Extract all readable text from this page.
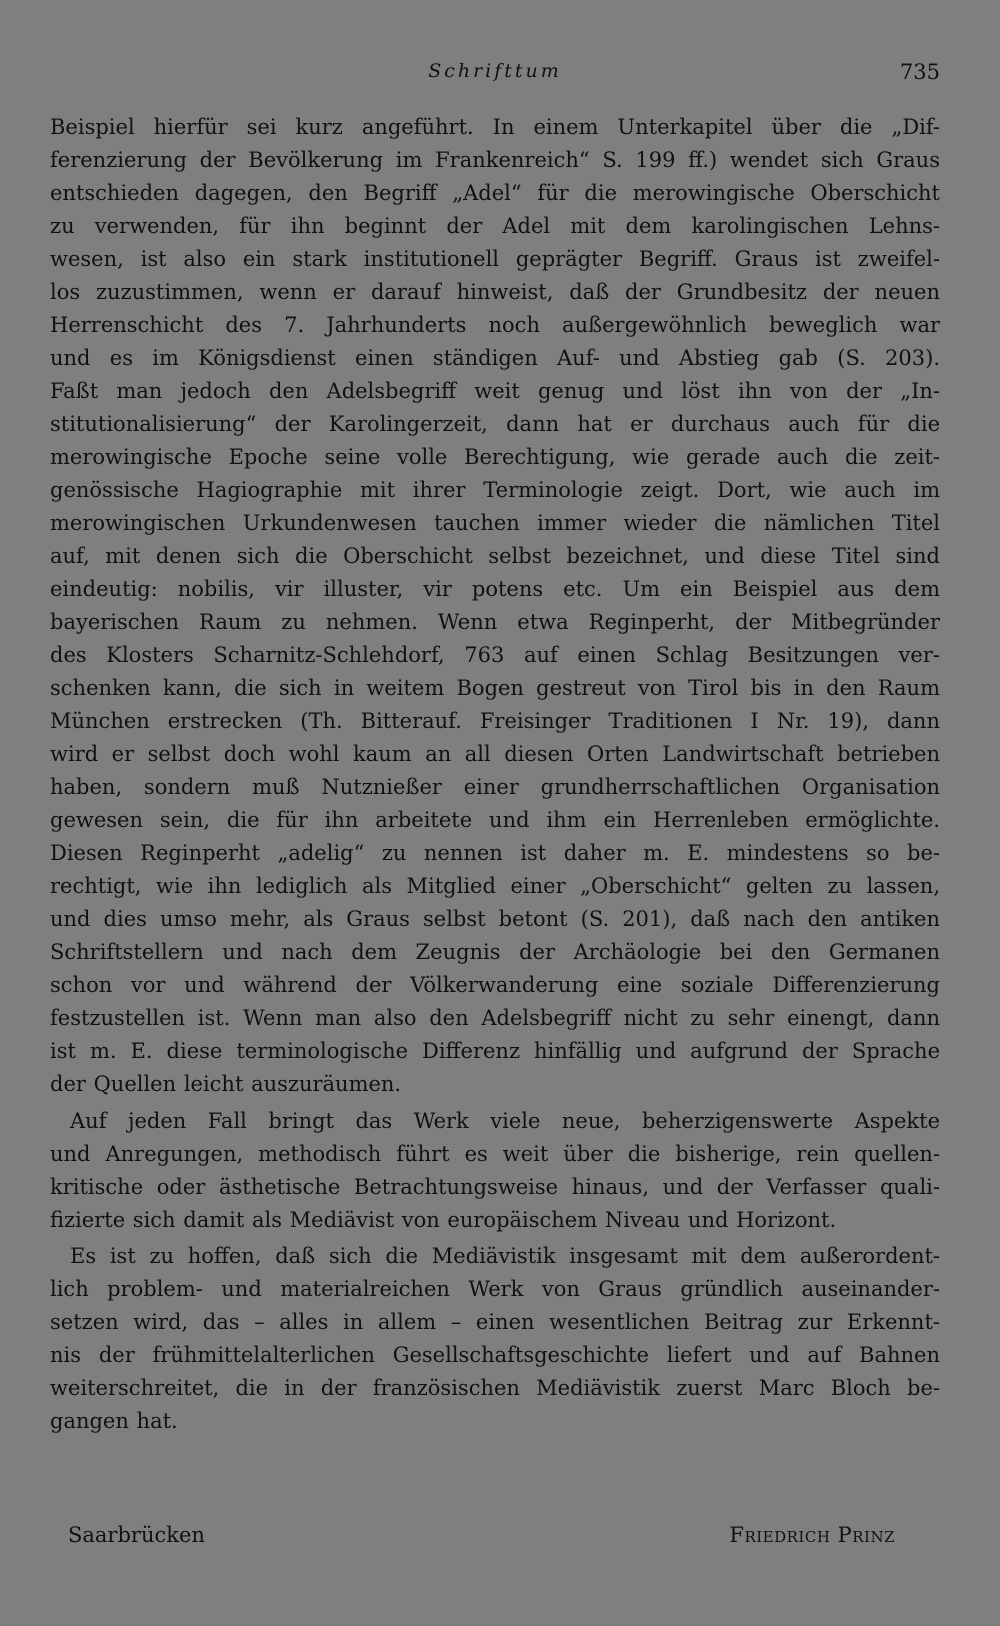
Schrifttum	735
Beispiel hierfür sei kurz angeführt. In einem Unterkapitel über die „Dif-
ferenzierung der Bevölkerung im Frankenreich“ S. 199 ff.) wendet sich Graus
entschieden dagegen, den Begriff „Adel“ für die merowingische Oberschicht
zu verwenden, für ihn beginnt der Adel mit dem karolingischen Lehns-
wesen, ist also ein stark institutionell geprägter Begriff. Graus ist zweifel-
los zuzustimmen, wenn er darauf hinweist, daß der Grundbesitz der neuen
Herrenschicht des 7. Jahrhunderts noch außergewöhnlich beweglich war
und es im Königsdienst einen ständigen Auf- und Abstieg gab (S. 203).
Faßt man jedoch den Adelsbegriff weit genug und löst ihn von der „In-
stitutionalisierung“ der Karolingerzeit, dann hat er durchaus auch für die
merowingische Epoche seine volle Berechtigung, wie gerade auch die zeit-
genössische Hagiographie mit ihrer Terminologie zeigt. Dort, wie auch im
merowingischen Urkundenwesen tauchen immer wieder die nämlichen Titel
auf, mit denen sich die Oberschicht selbst bezeichnet, und diese Titel sind
eindeutig: nobilis, vir illuster, vir potens etc. Um ein Beispiel aus dem
bayerischen Raum zu nehmen. Wenn etwa Reginperht, der Mitbegründer
des Klosters Scharnitz-Schlehdorf, 763 auf einen Schlag Besitzungen ver-
schenken kann, die sich in weitem Bogen gestreut von Tirol bis in den Raum
München erstrecken (Th. Bitterauf. Freisinger Traditionen I Nr. 19), dann
wird er selbst doch wohl kaum an all diesen Orten Landwirtschaft betrieben
haben, sondern muß Nutznießer einer grundherrschaftlichen Organisation
gewesen sein, die für ihn arbeitete und ihm ein Herrenleben ermöglichte.
Diesen Reginperht „adelig“ zu nennen ist daher m. E. mindestens so be-
rechtigt, wie ihn lediglich als Mitglied einer „Oberschicht“ gelten zu lassen,
und dies umso mehr, als Graus selbst betont (S. 201), daß nach den antiken
Schriftstellern und nach dem Zeugnis der Archäologie bei den Germanen
schon vor und während der Völkerwanderung eine soziale Differenzierung
festzustellen ist. Wenn man also den Adelsbegriff nicht zu sehr einengt, dann
ist m. E. diese terminologische Differenz hinfällig und aufgrund der Sprache
der Quellen leicht auszuräumen.
Auf jeden Fall bringt das Werk viele neue, beherzigenswerte Aspekte
und Anregungen, methodisch führt es weit über die bisherige, rein quellen-
kritische oder ästhetische Betrachtungsweise hinaus, und der Verfasser quali-
fizierte sich damit als Mediävist von europäischem Niveau und Horizont.
Es ist zu hoffen, daß sich die Mediävistik insgesamt mit dem außerordent-
lich problem- und materialreichen Werk von Graus gründlich auseinander-
setzen wird, das – alles in allem – einen wesentlichen Beitrag zur Erkennt-
nis der frühmittelalterlichen Gesellschaftsgeschichte liefert und auf Bahnen
weiterschreitet, die in der französischen Mediävistik zuerst Marc Bloch be-
gangen hat.
Saarbrücken	Friedrich Prinz
